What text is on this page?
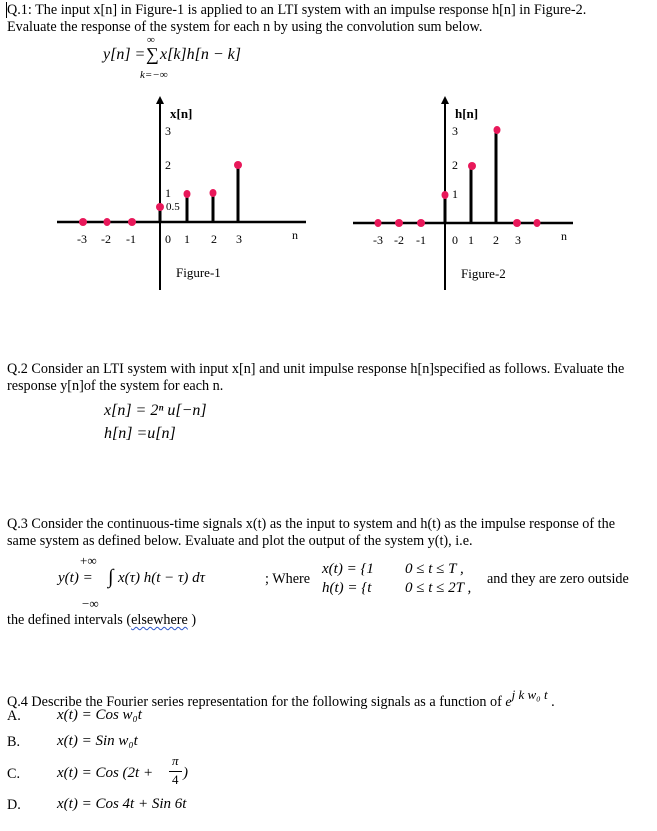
Q.1: The input x[n] in Figure-1 is applied to an LTI system with an impulse response h[n] in Figure-2.
Evaluate the response of the system for each n by using the convolution sum below.
y[n] =
∞
∑ x[k]h[n − k]
k=−∞
x[n]
3
2
1
0.5
-3 -2 -1 0 1 2 3	n
Figure-1
h[n]
3
2
1
-3 -2 -1 0 1 2 3	n
Figure-2
Q.2 Consider an LTI system with input x[n] and unit impulse response h[n]specified as follows. Evaluate the
response y[n]of the system for each n.
x[n] = 2ⁿ u[−n]
h[n] =u[n]
Q.3 Consider the continuous-time signals x(t) as the input to system and h(t) as the impulse response of the
same system as defined below. Evaluate and plot the output of the system y(t), i.e.
+∞
y(t) = ∫ x(τ) h(t − τ) dτ
−∞
; Where
x(t) = {1 0 ≤ t ≤ T ,
h(t) = {t 0 ≤ t ≤ 2T ,
and they are zero outside
the defined intervals (elsewhere )
Q.4 Describe the Fourier series representation for the following signals as a function of ej k w₀ t .
A. x(t) = Cos w₀t
B. x(t) = Sin w₀t
C. x(t) = Cos (2t +
π
4 )
D. x(t) = Cos 4t + Sin 6t
